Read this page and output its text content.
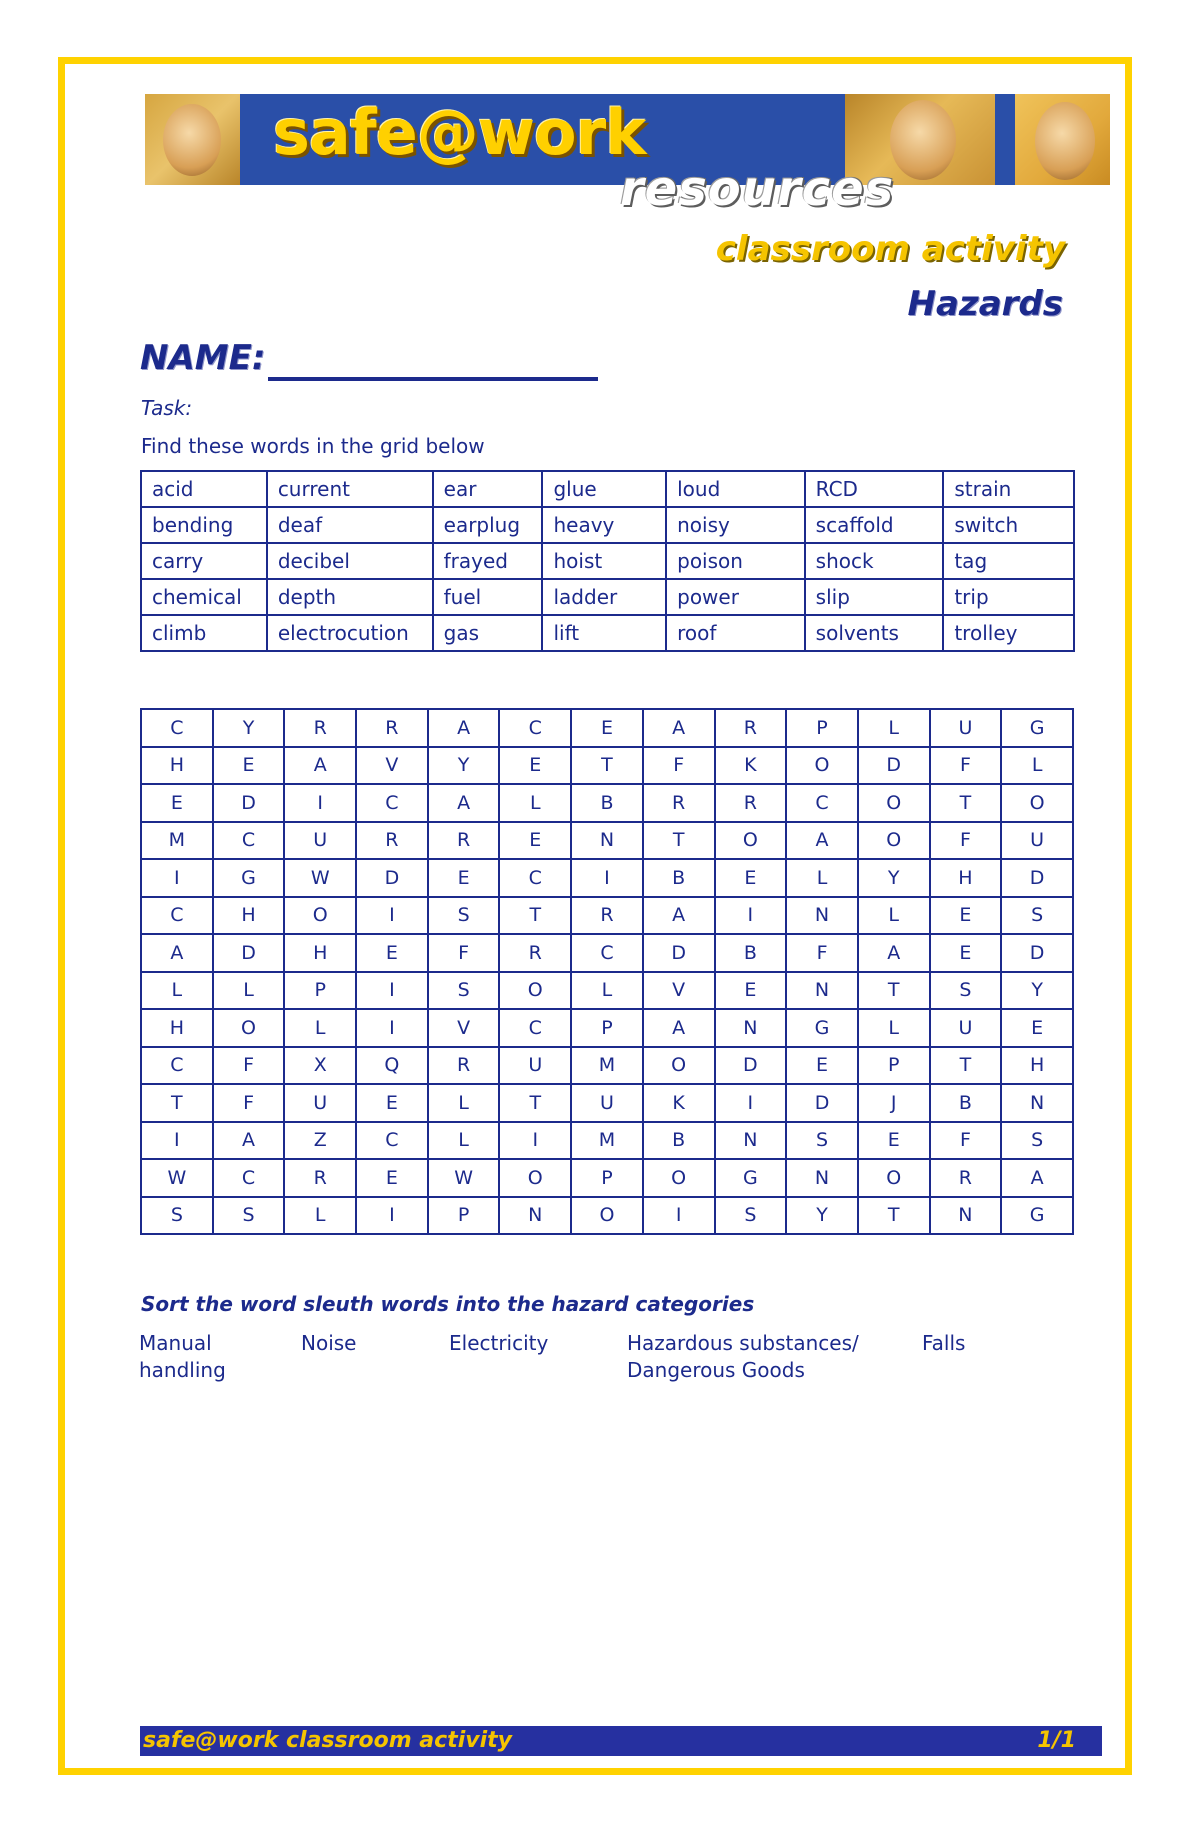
safe@work
resources
classroom activity
Hazards
NAME:
Task:
Find these words in the grid below
acid	current	ear	glue	loud	RCD	strain
bending	deaf	earplug	heavy	noisy	scaffold	switch
carry	decibel	frayed	hoist	poison	shock	tag
chemical	depth	fuel	ladder	power	slip	trip
climb	electrocution	gas	lift	roof	solvents	trolley
C	Y	R	R	A	C	E	A	R	P	L	U	G
H	E	A	V	Y	E	T	F	K	O	D	F	L
E	D	I	C	A	L	B	R	R	C	O	T	O
M	C	U	R	R	E	N	T	O	A	O	F	U
I	G	W	D	E	C	I	B	E	L	Y	H	D
C	H	O	I	S	T	R	A	I	N	L	E	S
A	D	H	E	F	R	C	D	B	F	A	E	D
L	L	P	I	S	O	L	V	E	N	T	S	Y
H	O	L	I	V	C	P	A	N	G	L	U	E
C	F	X	Q	R	U	M	O	D	E	P	T	H
T	F	U	E	L	T	U	K	I	D	J	B	N
I	A	Z	C	L	I	M	B	N	S	E	F	S
W	C	R	E	W	O	P	O	G	N	O	R	A
S	S	L	I	P	N	O	I	S	Y	T	N	G
Sort the word sleuth words into the hazard categories
Manual
handling
Noise	Electricity	Hazardous substances/
Dangerous Goods
Falls
safe@work classroom activity	1/1
